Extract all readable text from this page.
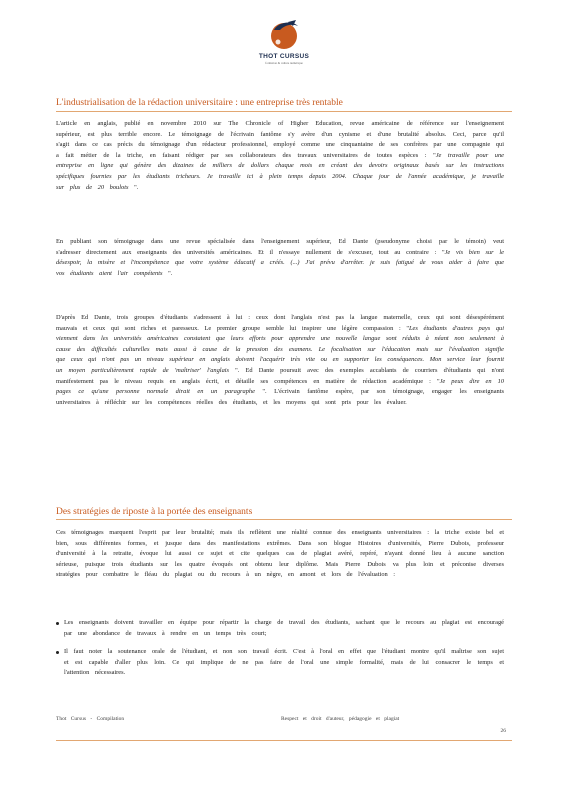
THOT CURSUS
formation & culture numérique
L'industrialisation de la rédaction universitaire : une entreprise très rentable

L'article en anglais, publié en novembre 2010 sur The Chronicle of Higher Education, revue américaine de référence sur l'enseignement supérieur, est plus terrible encore. Le témoignage de l'écrivain fantôme s'y avère d'un cynisme et d'une brutalité absolus. Ceci, parce qu'il s'agit dans ce cas précis du témoignage d'un rédacteur professionnel, employé comme une cinquantaine de ses confrères par une compagnie qui a fait métier de la triche, en faisant rédiger par ses collaborateurs des travaux universitaires de toutes espèces : "Je travaille pour une entreprise en ligne qui génère des dizaines de milliers de dollars chaque mois en créant des devoirs originaux basés sur les instructions spécifiques fournies par les étudiants tricheurs. Je travaille ici à plein temps depuis 2004. Chaque jour de l'année académique, je travaille sur plus de 20 boulots ".

En publiant son témoignage dans une revue spécialisée dans l'enseignement supérieur, Ed Dante (pseudonyme choisi par le témoin) veut s'adresser directement aux enseignants des universités américaines. Et il n'essaye nullement de s'excuser, tout au contraire : "Je vis bien sur le désespoir, la misère et l'incompétence que votre système éducatif a créés. (...) J'ai prévu d'arrêter. je suis fatigué de vous aider à faire que vos étudiants aient l'air compétents ".

D'après Ed Dante, trois groupes d'étudiants s'adressent à lui : ceux dont l'anglais n'est pas la langue maternelle, ceux qui sont désespérément mauvais et ceux qui sont riches et paresseux. Le premier groupe semble lui inspirer une légère compassion : "Les étudiants d'autres pays qui viennent dans les universités américaines constatent que leurs efforts pour apprendre une nouvelle langue sont réduits à néant non seulement à cause des difficultés culturelles mais aussi à cause de la pression des examens. Le focalisation sur l'éducation mais sur l'évaluation signifie que ceux qui n'ont pas un niveau supérieur en anglais doivent l'acquérir très vite ou en supporter les conséquences. Mon service leur fournit un moyen particulièrement rapide de 'maîtriser' l'anglais ". Ed Dante poursuit avec des exemples accablants de courriers d'étudiants qui n'ont manifestement pas le niveau requis en anglais écrit, et détaille ses compétences en matière de rédaction académique : "Je peux dire en 10 pages ce qu'une personne normale dirait en un paragraphe ". L'écrivain fantôme espère, par son témoignage, engager les enseignants universitaires à réfléchir sur les compétences réelles des étudiants, et les moyens qui sont pris pour les évaluer.

Des stratégies de riposte à la portée des enseignants

Ces témoignages marquent l'esprit par leur brutalité; mais ils reflètent une réalité connue des enseignants universitaires : la triche existe bel et bien, sous différentes formes, et jusque dans des manifestations extrêmes. Dans son blogue Histoires d'universités, Pierre Dubois, professeur d'université à la retraite, évoque lui aussi ce sujet et cite quelques cas de plagiat avéré, repéré, n'ayant donné lieu à aucune sanction sérieuse, puisque trois étudiants sur les quatre évoqués ont obtenu leur diplôme. Mais Pierre Dubois va plus loin et préconise diverses stratégies pour combattre le fléau du plagiat ou du recours à un nègre, en amont et lors de l'évaluation :

Les enseignants doivent travailler en équipe pour répartir la charge de travail des étudiants, sachant que le recours au plagiat est encouragé par une abondance de travaux à rendre en un temps très court;

Il faut noter la soutenance orale de l'étudiant, et non son travail écrit. C'est à l'oral en effet que l'étudiant montre qu'il maîtrise son sujet et est capable d'aller plus loin. Ce qui implique de ne pas faire de l'oral une simple formalité, mais de lui consacrer le temps et l'attention nécessaires.

Thot Cursus - Compilation	Respect et droit d'auteur, pédagogie et plagiat
26
